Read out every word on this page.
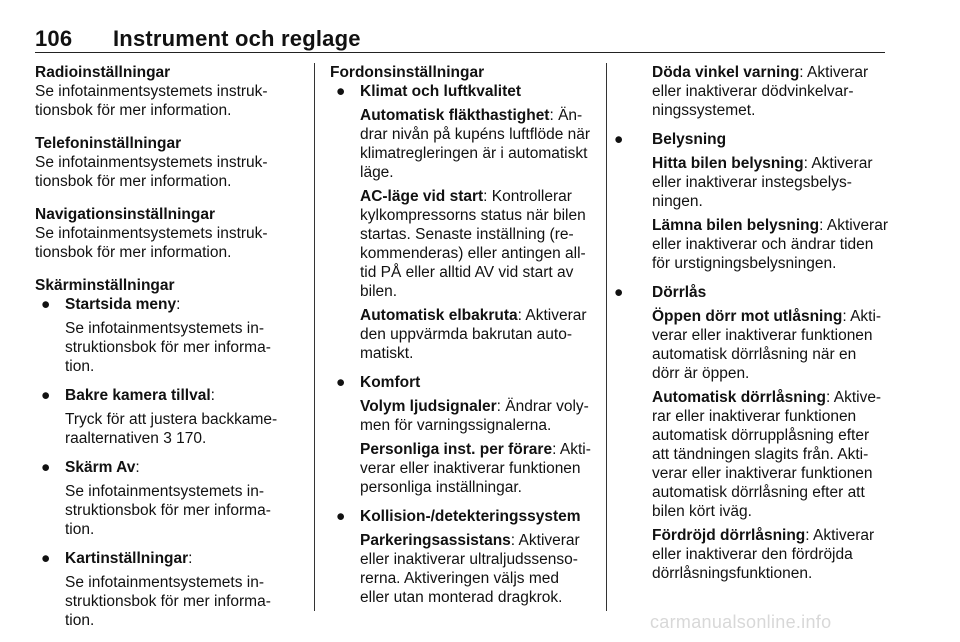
106 Instrument och reglage
Radioinställningar
Se infotainmentsystemets instruk-
tionsbok för mer information.
Telefoninställningar
Se infotainmentsystemets instruk-
tionsbok för mer information.
Navigationsinställningar
Se infotainmentsystemets instruk-
tionsbok för mer information.
Skärminställningar
● Startsida meny:
Se infotainmentsystemets in-
struktionsbok för mer informa-
tion.
● Bakre kamera tillval:
Tryck för att justera backkame-
raalternativen 3 170.
● Skärm Av:
Se infotainmentsystemets in-
struktionsbok för mer informa-
tion.
● Kartinställningar:
Se infotainmentsystemets in-
struktionsbok för mer informa-
tion.
Fordonsinställningar
● Klimat och luftkvalitet
Automatisk fläkthastighet: Än-
drar nivån på kupéns luftflöde när
klimatregleringen är i automatiskt
läge.
AC-läge vid start: Kontrollerar
kylkompressorns status när bilen
startas. Senaste inställning (re-
kommenderas) eller antingen all-
tid PÅ eller alltid AV vid start av
bilen.
Automatisk elbakruta: Aktiverar
den uppvärmda bakrutan auto-
matiskt.
● Komfort
Volym ljudsignaler: Ändrar voly-
men för varningssignalerna.
Personliga inst. per förare: Akti-
verar eller inaktiverar funktionen
personliga inställningar.
● Kollision-/detekteringssystem
Parkeringsassistans: Aktiverar
eller inaktiverar ultraljudssenso-
rerna. Aktiveringen väljs med
eller utan monterad dragkrok.
Döda vinkel varning: Aktiverar
eller inaktiverar dödvinkelvar-
ningssystemet.
● Belysning
Hitta bilen belysning: Aktiverar
eller inaktiverar instegsbelys-
ningen.
Lämna bilen belysning: Aktiverar
eller inaktiverar och ändrar tiden
för urstigningsbelysningen.
● Dörrlås
Öppen dörr mot utlåsning: Akti-
verar eller inaktiverar funktionen
automatisk dörrlåsning när en
dörr är öppen.
Automatisk dörrlåsning: Aktive-
rar eller inaktiverar funktionen
automatisk dörrupplåsning efter
att tändningen slagits från. Akti-
verar eller inaktiverar funktionen
automatisk dörrlåsning efter att
bilen kört iväg.
Fördröjd dörrlåsning: Aktiverar
eller inaktiverar den fördröjda
dörrlåsningsfunktionen.
carmanualsonline.info
